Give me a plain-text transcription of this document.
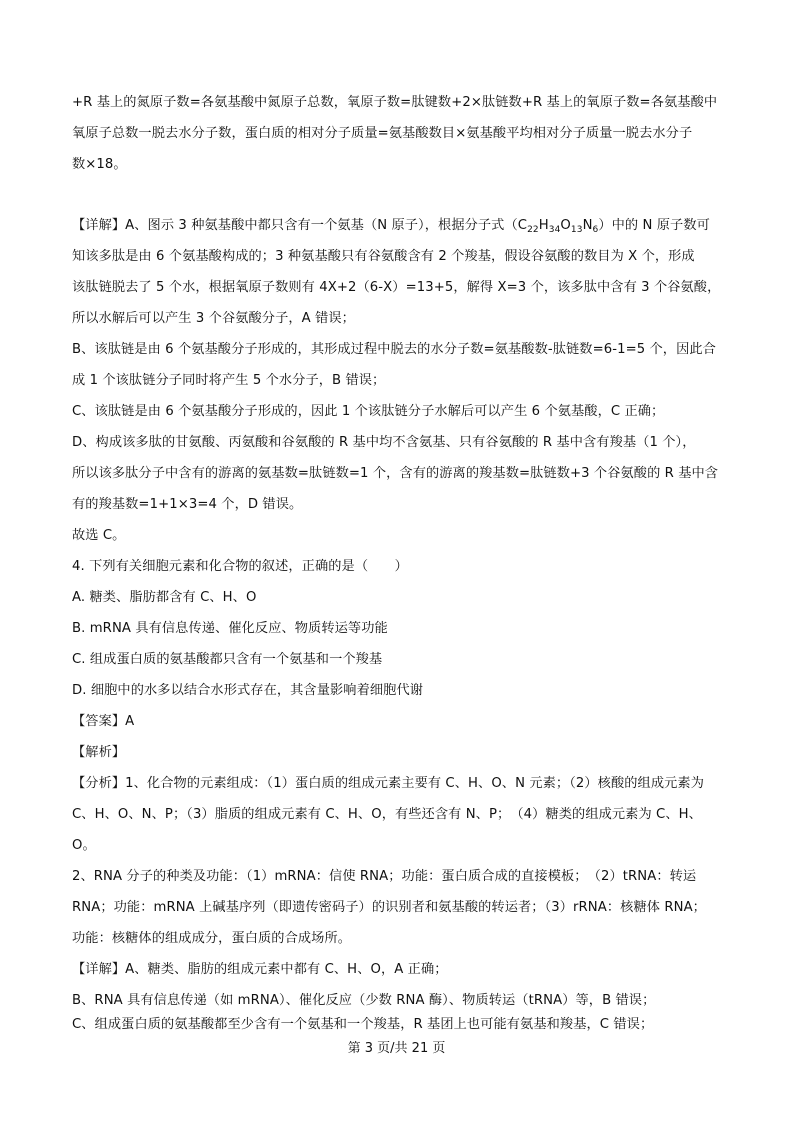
+R 基上的氮原子数=各氨基酸中氮原子总数，氧原子数=肽键数+2×肽链数+R 基上的氧原子数=各氨基酸中
氧原子总数一脱去水分子数，蛋白质的相对分子质量=氨基酸数目×氨基酸平均相对分子质量一脱去水分子
数×18。
【详解】A、图示 3 种氨基酸中都只含有一个氨基（N 原子），根据分子式$(C_{22}H_{34}O_{13}N_6)$中的 N 原子数可
知该多肽是由 6 个氨基酸构成的；3 种氨基酸只有谷氨酸含有 2 个羧基，假设谷氨酸的数目为 X 个，形成
该肽链脱去了 5 个水，根据氧原子数则有 4X+2（6-X）=13+5，解得 X=3 个，该多肽中含有 3 个谷氨酸，
所以水解后可以产生 3 个谷氨酸分子，A 错误；
B、该肽链是由 6 个氨基酸分子形成的，其形成过程中脱去的水分子数=氨基酸数-肽链数=6-1=5 个，因此合
成 1 个该肽链分子同时将产生 5 个水分子，B 错误；
C、该肽链是由 6 个氨基酸分子形成的，因此 1 个该肽链分子水解后可以产生 6 个氨基酸，C 正确；
D、构成该多肽的甘氨酸、丙氨酸和谷氨酸的 R 基中均不含氨基、只有谷氨酸的 R 基中含有羧基（1 个），
所以该多肽分子中含有的游离的氨基数=肽链数=1 个，含有的游离的羧基数=肽链数+3 个谷氨酸的 R 基中含
有的羧基数=1+1×3=4 个，D 错误。
故选 C。
4. 下列有关细胞元素和化合物的叙述，正确的是（　　）
A. 糖类、脂肪都含有 C、H、O
B. mRNA 具有信息传递、催化反应、物质转运等功能
C. 组成蛋白质的氨基酸都只含有一个氨基和一个羧基
D. 细胞中的水多以结合水形式存在，其含量影响着细胞代谢
【答案】A
【解析】
【分析】1、化合物的元素组成：（1）蛋白质的组成元素主要有 C、H、O、N 元素；（2）核酸的组成元素为
C、H、O、N、P；（3）脂质的组成元素有 C、H、O，有些还含有 N、P；　（4）糖类的组成元素为 C、H、
O。
2、RNA 分子的种类及功能：（1）mRNA：信使 RNA；功能：蛋白质合成的直接模板；　（2）tRNA：转运
RNA；功能：mRNA 上碱基序列（即遗传密码子）的识别者和氨基酸的转运者；（3）rRNA：核糖体 RNA；
功能：核糖体的组成成分，蛋白质的合成场所。
【详解】A、糖类、脂肪的组成元素中都有 C、H、O，A 正确；
B、RNA 具有信息传递（如 mRNA）、催化反应（少数 RNA 酶）、物质转运（tRNA）等，B 错误；
C、组成蛋白质的氨基酸都至少含有一个氨基和一个羧基，R 基团上也可能有氨基和羧基，C 错误；
第 3 页/共 21 页
